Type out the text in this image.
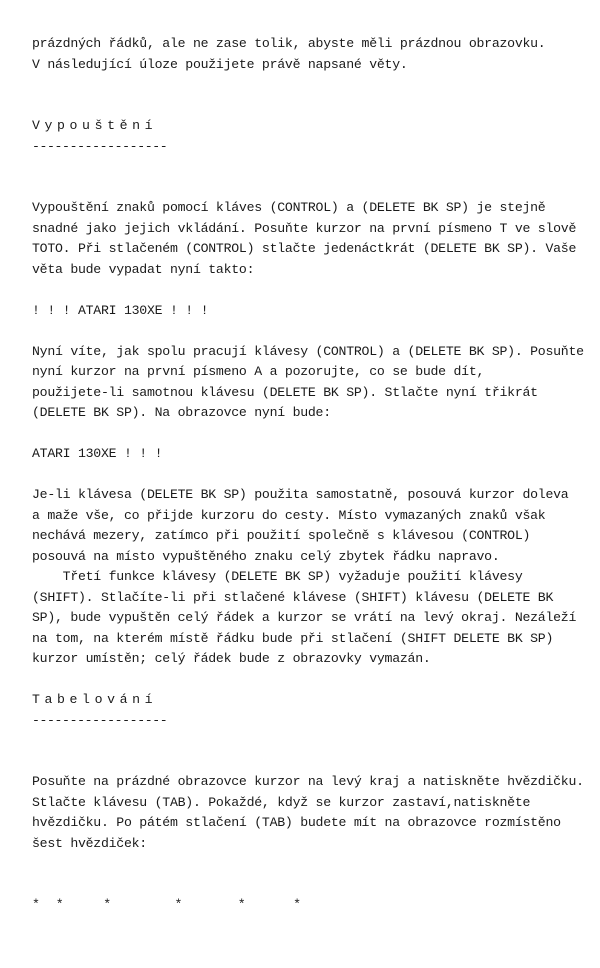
prázdných řádků, ale ne zase tolik, abyste měli prázdnou obrazovku.
V následující úloze použijete právě napsané věty.
Vypouštění
------------------
Vypouštění znaků pomocí kláves (CONTROL) a (DELETE BK SP) je stejně
snadné jako jejich vkládání. Posuňte kurzor na první písmeno T ve slově
TOTO. Při stlačeném (CONTROL) stlačte jedenáctkrát (DELETE BK SP). Vaše
věta bude vypadat nyní takto:
! ! ! ATARI 130XE ! ! !
Nyní víte, jak spolu pracují klávesy (CONTROL) a (DELETE BK SP). Posuňte
nyní kurzor na první písmeno A a pozorujte, co se bude dít,
použijete-li samotnou klávesu (DELETE BK SP). Stlačte nyní třikrát
(DELETE BK SP). Na obrazovce nyní bude:
ATARI 130XE ! ! !
Je-li klávesa (DELETE BK SP) použita samostatně, posouvá kurzor doleva
a maže vše, co přijde kurzoru do cesty. Místo vymazaných znaků však
nechává mezery, zatímco při použití společně s klávesou (CONTROL)
posouvá na místo vypuštěného znaku celý zbytek řádku napravo.
Třetí funkce klávesy (DELETE BK SP) vyžaduje použití klávesy
(SHIFT). Stlačíte-li při stlačené klávese (SHIFT) klávesu (DELETE BK
SP), bude vypuštěn celý řádek a kurzor se vrátí na levý okraj. Nezáleží
na tom, na kterém místě řádku bude při stlačení (SHIFT DELETE BK SP)
kurzor umístěn; celý řádek bude z obrazovky vymazán.
Tabelování
------------------
Posuňte na prázdné obrazovce kurzor na levý kraj a natiskněte hvězdičku.
Stlačte klávesu (TAB). Pokaždé, když se kurzor zastaví,natiskněte
hvězdičku. Po pátém stlačení (TAB) budete mít na obrazovce rozmístěno
šest hvězdiček:
*  *     *        *       *      *
